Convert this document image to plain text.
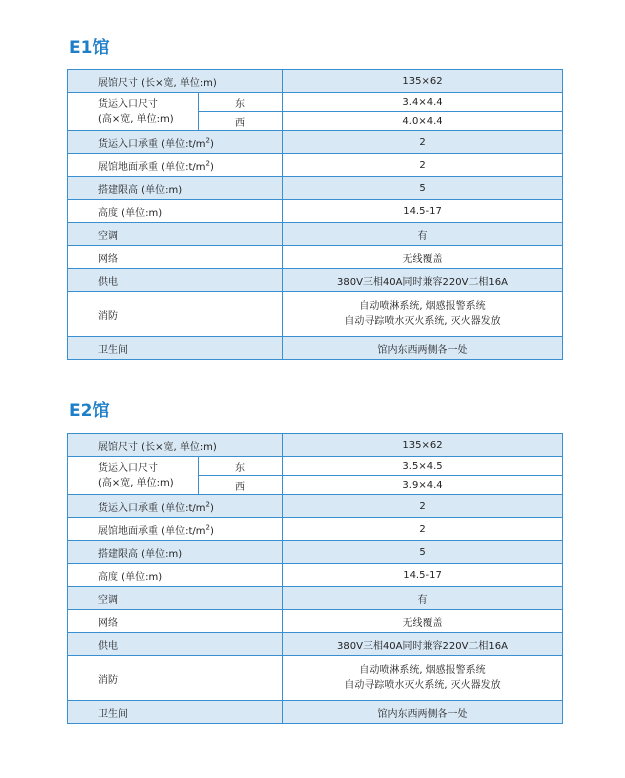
E1馆
展馆尺寸 (长×宽, 单位:m)		135×62

货运入口尺寸
(高×宽, 单位:m)	东	3.4×4.4
	西	4.0×4.4
货运入口承重 (单位$:t/m^2$)		2
展馆地面承重 (单位$:t/m^2$)		2
搭建限高 (单位:m)		5
高度 (单位:m)		14.5-17
空调		有
网络		无线覆盖
供电		380V三相40A同时兼容220V二相16A
消防		自动喷淋系统, 烟感报警系统
自动寻踪喷水灭火系统, 灭火器发放

卫生间		馆内东西两侧各一处
E2馆
展馆尺寸 (长×宽, 单位:m)		135×62

货运入口尺寸
(高×宽, 单位:m)	东	3.5×4.5
	西	3.9×4.4
货运入口承重 (单位$:t/m^2$)		2
展馆地面承重 (单位$:t/m^2$)		2
搭建限高 (单位:m)		5
高度 (单位:m)		14.5-17
空调		有
网络		无线覆盖
供电		380V三相40A同时兼容220V二相16A
消防		自动喷淋系统, 烟感报警系统
自动寻踪喷水灭火系统, 灭火器发放

卫生间		馆内东西两侧各一处
